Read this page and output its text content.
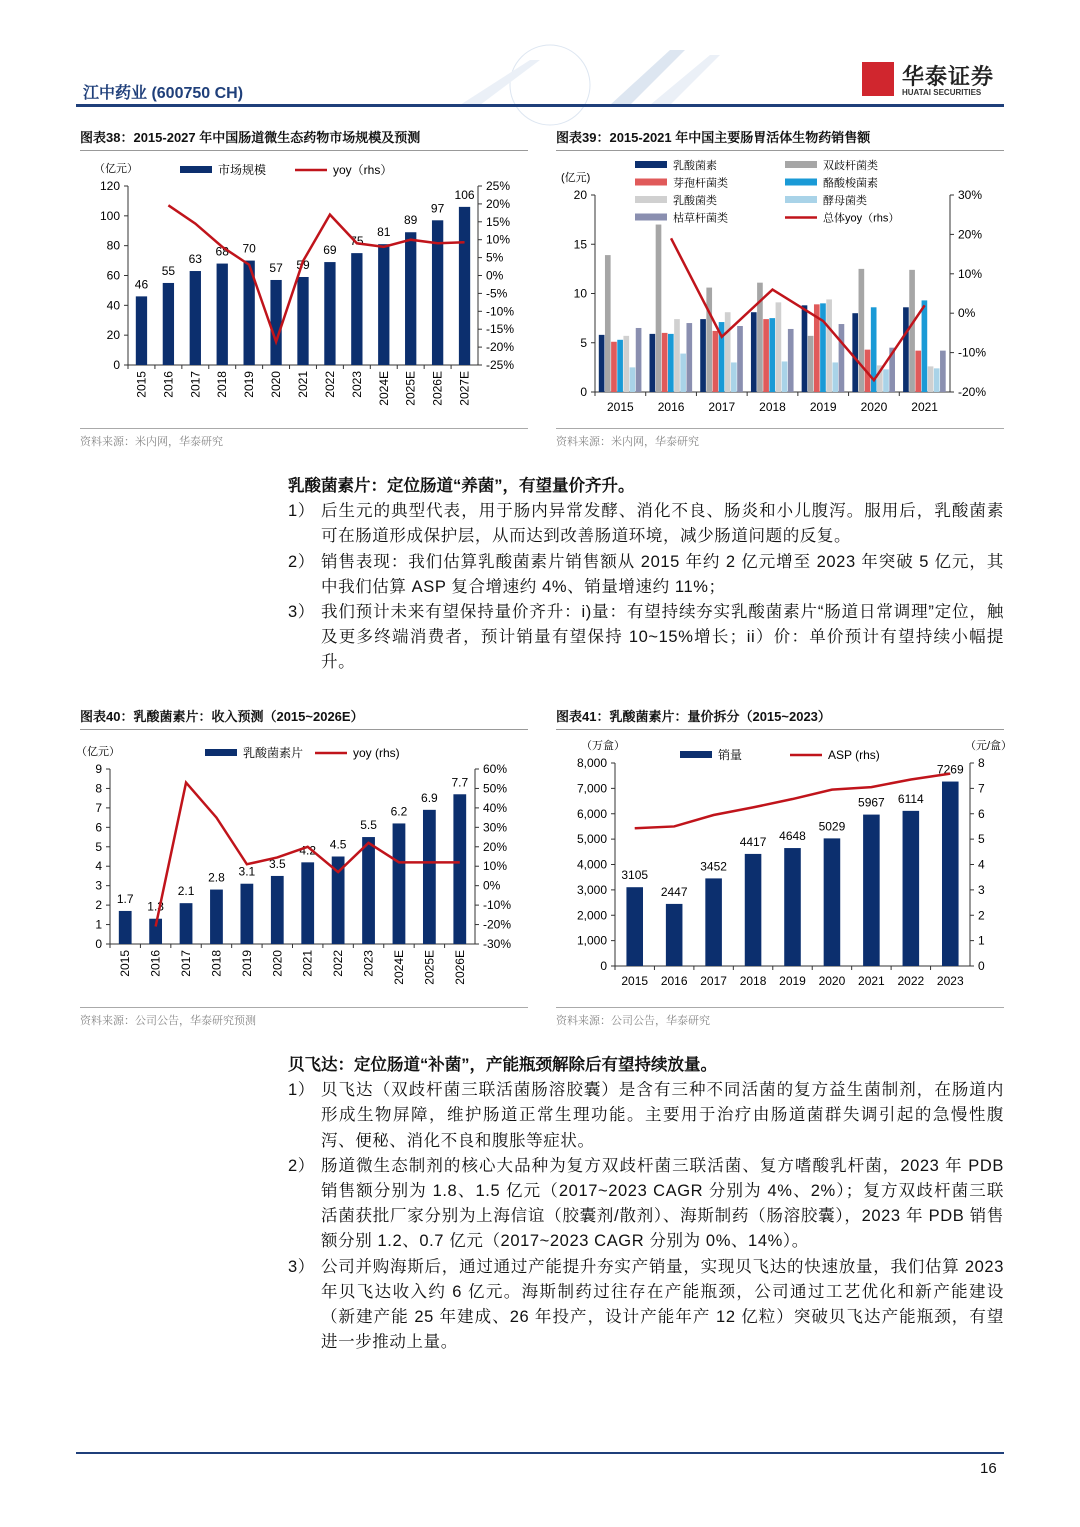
江中药业 (600750 CH)
华泰证券
HUATAI SECURITIES
图表38：2015-2027 年中国肠道微生态药物市场规模及预测
（亿元）
0
20
40
60
80
100
120
-25%
-20%
-15%
-10%
-5%
0%
5%
10%
15%
20%
25%
2015 2016 2017 2018 2019 2020 2021 2022 2023 2024E 2025E 2026E 2027E
46
55
63
68 70
57 59
69
75
81
89
97
106
市场规模	yoy（rhs）
资料来源：米内网，华泰研究
图表39：2015-2021 年中国主要肠胃活体生物药销售额
(亿元)
0
5
10
15
20
-20%
-10%
0%
10%
20%
30%
2015 2016 2017 2018 2019 2020 2021
乳酸菌素
芽孢杆菌类
乳酸菌类
枯草杆菌类
双歧杆菌类
酪酸梭菌素
酵母菌类
总体yoy（rhs）
资料来源：米内网，华泰研究
乳酸菌素片：定位肠道“养菌”，有望量价齐升。
1） 后生元的典型代表，用于肠内异常发酵、消化不良、肠炎和小儿腹泻。服用后，乳酸菌素可在肠道形成保护层，从而达到改善肠道环境，减少肠道问题的反复。
2） 销售表现：我们估算乳酸菌素片销售额从 2015 年约 2 亿元增至 2023 年突破 5 亿元，其中我们估算 ASP 复合增速约 4%、销量增速约 11%；
3） 我们预计未来有望保持量价齐升：i)量：有望持续夯实乳酸菌素片“肠道日常调理”定位，触及更多终端消费者，预计销量有望保持 10~15%增长；ii）价：单价预计有望持续小幅提升。
图表40：乳酸菌素片：收入预测（2015~2026E）
（亿元）
0
1
2
3
4
5
6
7
8
9
-30%
-20%
-10%
0%
10%
20%
30%
40%
50%
60%
2015 2016 2017 2018 2019 2020 2021 2022 2023 2024E 2025E 2026E
1.7
1.3
2.1
2.8 3.1
3.5
4.2 4.5
5.5
6.2
6.9
7.7
乳酸菌素片	yoy (rhs)
资料来源：公司公告，华泰研究预测
图表41：乳酸菌素片：量价拆分（2015~2023）
（万盒）	（元/盒）
0
1,000
2,000
3,000
4,000
5,000
6,000
7,000
8,000
0
1
2
3
4
5
6
7
8
2015 2016 2017 2018 2019 2020 2021 2022 2023
3105
2447
3452
4417 4648
5029
5967 6114
7269
销量	ASP (rhs)
资料来源：公司公告，华泰研究
贝飞达：定位肠道“补菌”，产能瓶颈解除后有望持续放量。
1） 贝飞达（双歧杆菌三联活菌肠溶胶囊）是含有三种不同活菌的复方益生菌制剂，在肠道内形成生物屏障，维护肠道正常生理功能。主要用于治疗由肠道菌群失调引起的急慢性腹泻、便秘、消化不良和腹胀等症状。
2） 肠道微生态制剂的核心大品种为复方双歧杆菌三联活菌、复方嗜酸乳杆菌，2023 年 PDB 销售额分别为 1.8、1.5 亿元（2017~2023 CAGR 分别为 4%、2%）；复方双歧杆菌三联活菌获批厂家分别为上海信谊（胶囊剂/散剂）、海斯制药（肠溶胶囊），2023 年 PDB 销售额分别 1.2、0.7 亿元（2017~2023 CAGR 分别为 0%、14%）。
3） 公司并购海斯后，通过通过产能提升夯实产销量，实现贝飞达的快速放量，我们估算 2023 年贝飞达收入约 6 亿元。海斯制药过往存在产能瓶颈，公司通过工艺优化和新产能建设（新建产能 25 年建成、26 年投产，设计产能年产 12 亿粒）突破贝飞达产能瓶颈，有望进一步推动上量。
16
